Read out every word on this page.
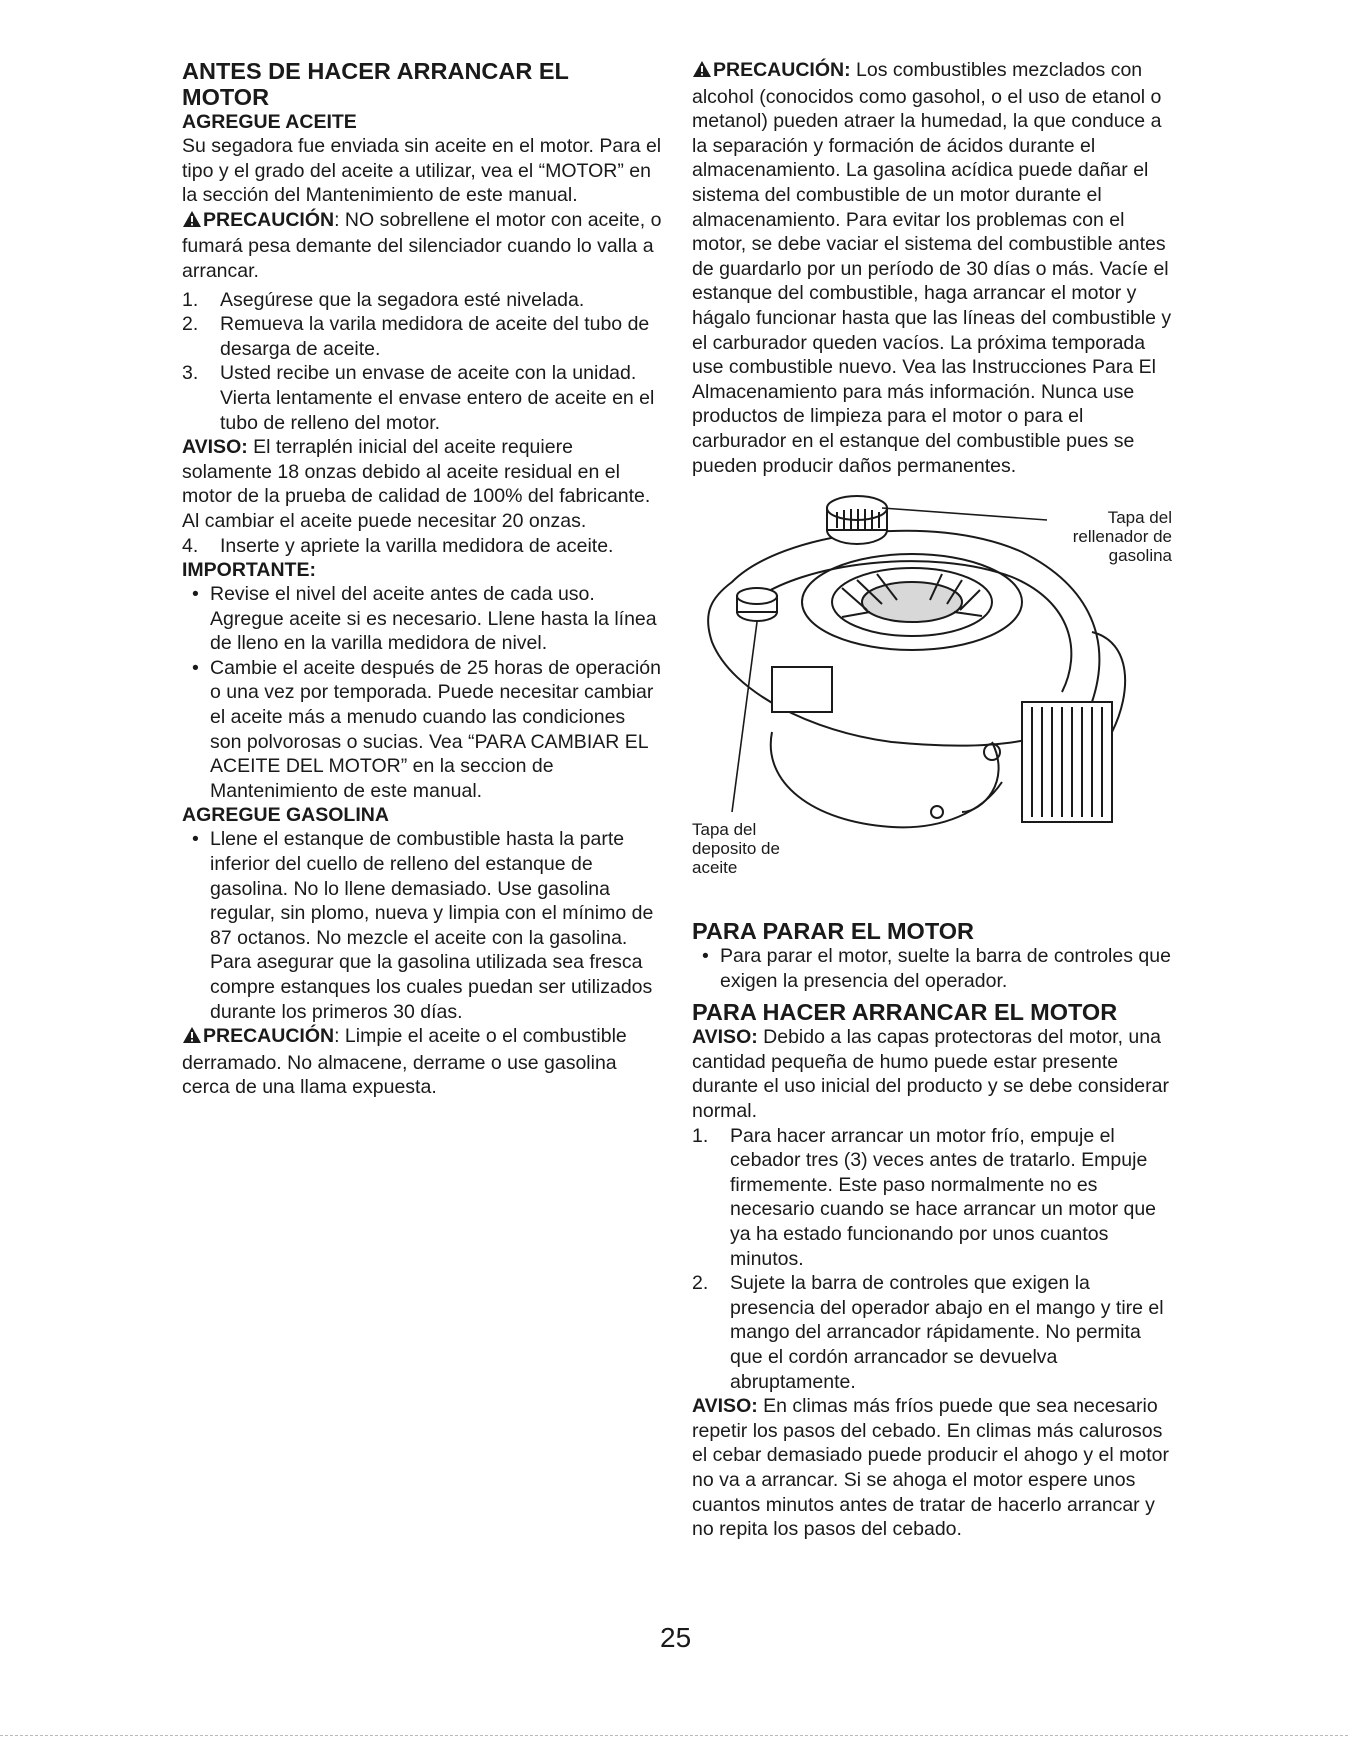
ANTES DE HACER ARRANCAR EL MOTOR
AGREGUE ACEITE

Su segadora fue enviada sin aceite en el motor. Para el tipo y el grado del aceite a utilizar, vea el “MOTOR” en la sección del Mantenimiento de este manual.

PRECAUCIÓN: NO sobrellene el motor con aceite, o fumará pesa demante del silenciador cuando lo valla a arrancar.

1. Asegúrese que la segadora esté nivelada.
2. Remueva la varila medidora de aceite del tubo de desarga de aceite.
3. Usted recibe un envase de aceite con la unidad. Vierta lentamente el envase entero de aceite en el tubo de relleno del motor.

AVISO: El terraplén inicial del aceite requiere solamente 18 onzas debido al aceite residual en el motor de la prueba de calidad de 100% del fabricante. Al cambiar el aceite puede necesitar 20 onzas.

4. Inserte y apriete la varilla medidora de aceite.
IMPORTANTE:
• Revise el nivel del aceite antes de cada uso. Agregue aceite si es necesario. Llene hasta la línea de lleno en la varilla medidora de nivel.
• Cambie el aceite después de 25 horas de operación o una vez por temporada. Puede necesitar cambiar el aceite más a menudo cuando las condiciones son polvorosas o sucias. Vea “PARA CAMBIAR EL ACEITE DEL MOTOR” en la seccion de Mantenimiento de este manual.
AGREGUE GASOLINA
• Llene el estanque de combustible hasta la parte inferior del cuello de relleno del estanque de gasolina. No lo llene demasiado. Use gasolina regular, sin plomo, nueva y limpia con el mínimo de 87 octanos. No mezcle el aceite con la gasolina. Para asegurar que la gasolina utilizada sea fresca compre estanques los cuales puedan ser utilizados durante los primeros 30 días.

PRECAUCIÓN: Limpie el aceite o el combustible derramado. No almacene, derrame o use gasolina cerca de una llama expuesta.

PRECAUCIÓN: Los combustibles mezclados con alcohol (conocidos como gasohol, o el uso de etanol o metanol) pueden atraer la humedad, la que conduce a la separación y formación de ácidos durante el almacenamiento. La gasolina acídica puede dañar el sistema del combustible de un motor durante el almacenamiento. Para evitar los problemas con el motor, se debe vaciar el sistema del combustible antes de guardarlo por un período de 30 días o más. Vacíe el estanque del combustible, haga arrancar el motor y hágalo funcionar hasta que las líneas del combustible y el carburador queden vacíos. La próxima temporada use combustible nuevo. Vea las Instrucciones Para El Almacenamiento para más información. Nunca use productos de limpieza para el motor o para el carburador en el estanque del combustible pues se pueden producir daños permanentes.

Tapa del rellenador de gasolina
Tapa del deposito de aceite
PARA PARAR EL MOTOR
• Para parar el motor, suelte la barra de controles que exigen la presencia del operador.
PARA HACER ARRANCAR EL MOTOR

AVISO: Debido a las capas protectoras del motor, una cantidad pequeña de humo puede estar presente durante el uso inicial del producto y se debe considerar normal.

1. Para hacer arrancar un motor frío, empuje el cebador tres (3) veces antes de tratarlo. Empuje firmemente. Este paso normalmente no es necesario cuando se hace arrancar un motor que ya ha estado funcionando por unos cuantos minutos.
2. Sujete la barra de controles que exigen la presencia del operador abajo en el mango y tire el mango del arrancador rápidamente. No permita que el cordón arrancador se devuelva abruptamente.

AVISO: En climas más fríos puede que sea necesario repetir los pasos del cebado. En climas más calurosos el cebar demasiado puede producir el ahogo y el motor no va a arrancar. Si se ahoga el motor espere unos cuantos minutos antes de tratar de hacerlo arrancar y no repita los pasos del cebado.

25
